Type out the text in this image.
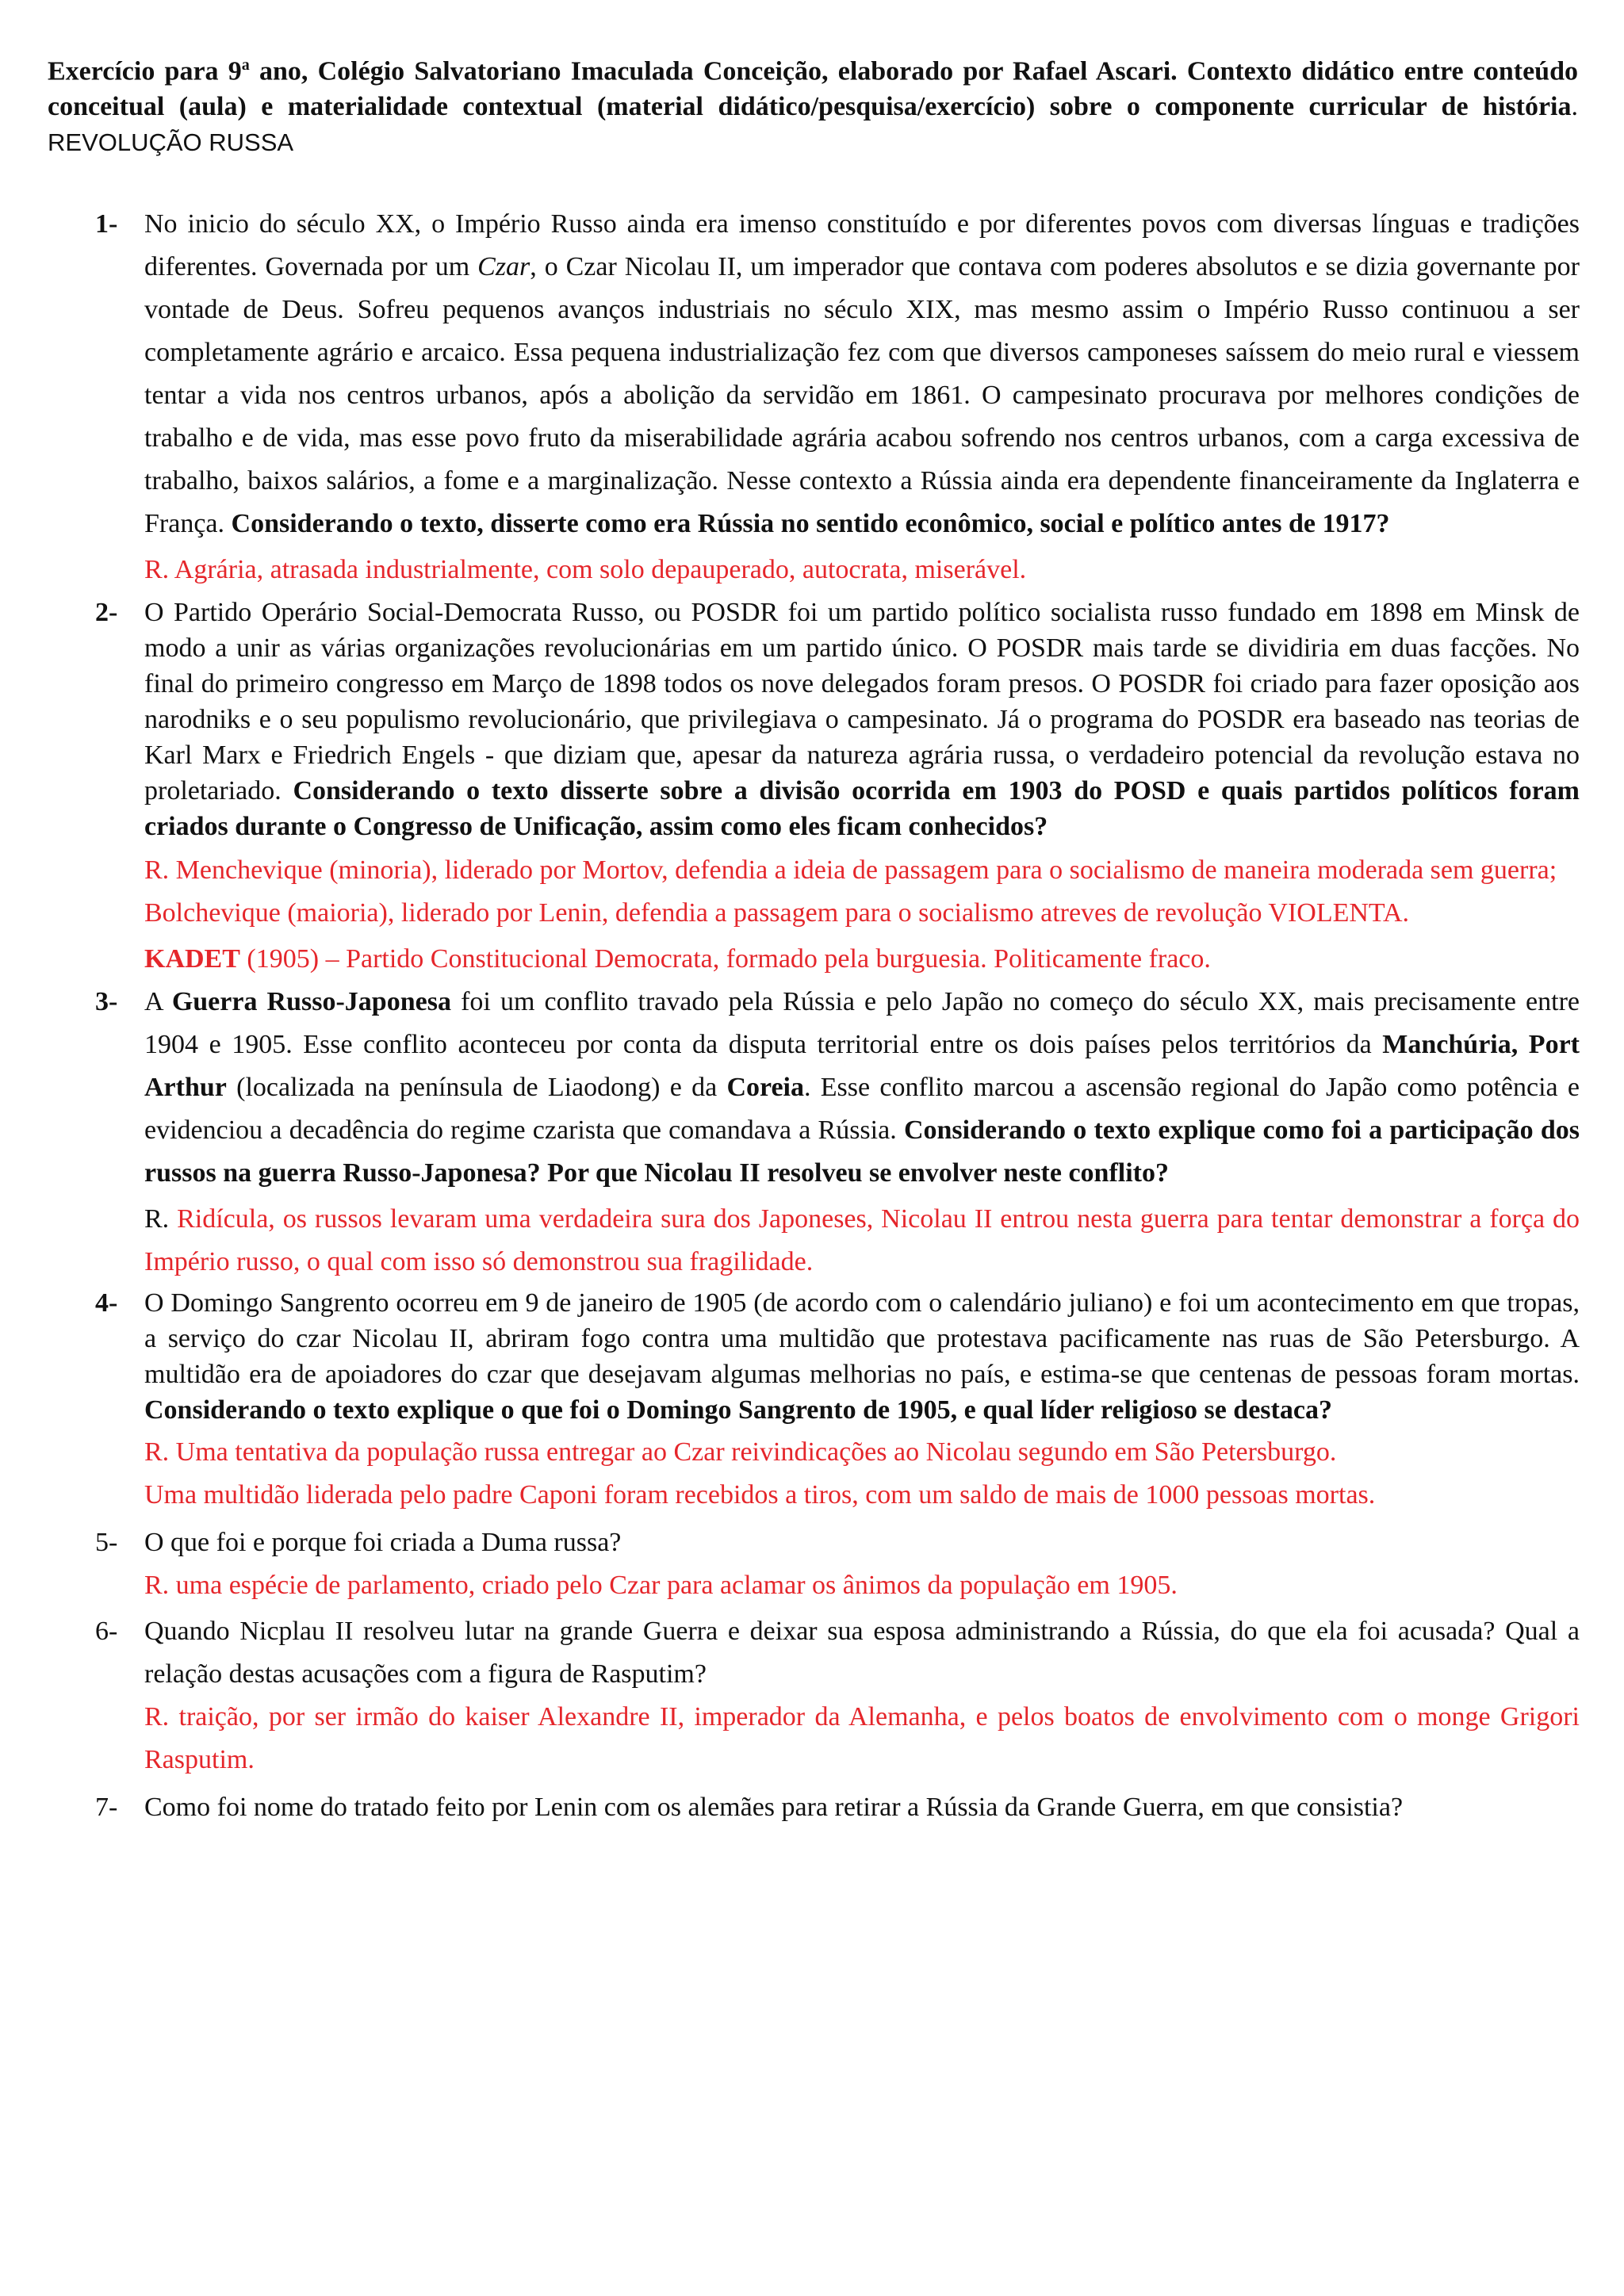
Exercício para 9$^a$ ano, Colégio Salvatoriano Imaculada Conceição, elaborado por Rafael Ascari. Contexto didático entre conteúdo conceitual (aula) e materialidade contextual (material didático/pesquisa/exercício) sobre o componente curricular de história. REVOLUÇÃO RUSSA
1- No inicio do século XX, o Império Russo ainda era imenso constituído e por diferentes povos com diversas línguas e tradições diferentes. Governada por um Czar, o Czar Nicolau II, um imperador que contava com poderes absolutos e se dizia governante por vontade de Deus. Sofreu pequenos avanços industriais no século XIX, mas mesmo assim o Império Russo continuou a ser completamente agrário e arcaico. Essa pequena industrialização fez com que diversos camponeses saíssem do meio rural e viessem tentar a vida nos centros urbanos, após a abolição da servidão em 1861. O campesinato procurava por melhores condições de trabalho e de vida, mas esse povo fruto da miserabilidade agrária acabou sofrendo nos centros urbanos, com a carga excessiva de trabalho, baixos salários, a fome e a marginalização. Nesse contexto a Rússia ainda era dependente financeiramente da Inglaterra e França. Considerando o texto, disserte como era Rússia no sentido econômico, social e político antes de 1917?
R. Agrária, atrasada industrialmente, com solo depauperado, autocrata, miserável.
2- O Partido Operário Social-Democrata Russo, ou POSDR foi um partido político socialista russo fundado em 1898 em Minsk de modo a unir as várias organizações revolucionárias em um partido único. O POSDR mais tarde se dividiria em duas facções. No final do primeiro congresso em Março de 1898 todos os nove delegados foram presos. O POSDR foi criado para fazer oposição aos narodniks e o seu populismo revolucionário, que privilegiava o campesinato. Já o programa do POSDR era baseado nas teorias de Karl Marx e Friedrich Engels - que diziam que, apesar da natureza agrária russa, o verdadeiro potencial da revolução estava no proletariado. Considerando o texto disserte sobre a divisão ocorrida em 1903 do POSD e quais partidos políticos foram criados durante o Congresso de Unificação, assim como eles ficam conhecidos?
R. Menchevique (minoria), liderado por Mortov, defendia a ideia de passagem para o socialismo de maneira moderada sem guerra;
Bolchevique (maioria), liderado por Lenin, defendia a passagem para o socialismo atreves de revolução VIOLENTA.
KADET (1905) – Partido Constitucional Democrata, formado pela burguesia. Politicamente fraco.
3- A Guerra Russo-Japonesa foi um conflito travado pela Rússia e pelo Japão no começo do século XX, mais precisamente entre 1904 e 1905. Esse conflito aconteceu por conta da disputa territorial entre os dois países pelos territórios da Manchúria, Port Arthur (localizada na península de Liaodong) e da Coreia. Esse conflito marcou a ascensão regional do Japão como potência e evidenciou a decadência do regime czarista que comandava a Rússia. Considerando o texto explique como foi a participação dos russos na guerra Russo-Japonesa? Por que Nicolau II resolveu se envolver neste conflito?
R. Ridícula, os russos levaram uma verdadeira sura dos Japoneses, Nicolau II entrou nesta guerra para tentar demonstrar a força do Império russo, o qual com isso só demonstrou sua fragilidade.
4- O Domingo Sangrento ocorreu em 9 de janeiro de 1905 (de acordo com o calendário juliano) e foi um acontecimento em que tropas, a serviço do czar Nicolau II, abriram fogo contra uma multidão que protestava pacificamente nas ruas de São Petersburgo. A multidão era de apoiadores do czar que desejavam algumas melhorias no país, e estima-se que centenas de pessoas foram mortas. Considerando o texto explique o que foi o Domingo Sangrento de 1905, e qual líder religioso se destaca?
R. Uma tentativa da população russa entregar ao Czar reivindicações ao Nicolau segundo em São Petersburgo.
Uma multidão liderada pelo padre Caponi foram recebidos a tiros, com um saldo de mais de 1000 pessoas mortas.
5- O que foi e porque foi criada a Duma russa?
R. uma espécie de parlamento, criado pelo Czar para aclamar os ânimos da população em 1905.
6- Quando Nicplau II resolveu lutar na grande Guerra e deixar sua esposa administrando a Rússia, do que ela foi acusada? Qual a relação destas acusações com a figura de Rasputim?
R. traição, por ser irmão do kaiser Alexandre II, imperador da Alemanha, e pelos boatos de envolvimento com o monge Grigori Rasputim.
7- Como foi nome do tratado feito por Lenin com os alemães para retirar a Rússia da Grande Guerra, em que consistia?
